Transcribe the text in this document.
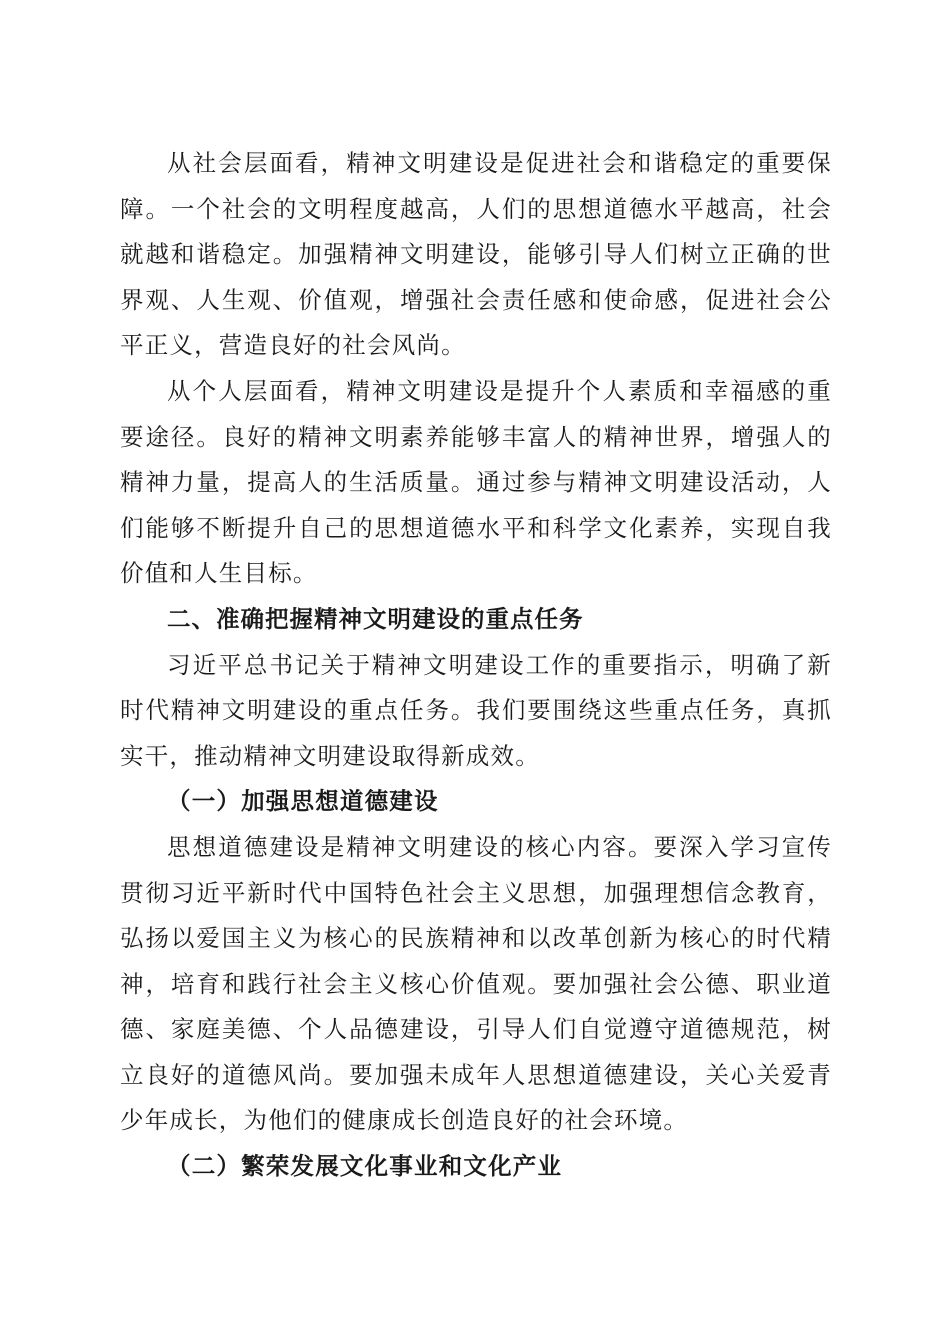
从社会层面看，精神文明建设是促进社会和谐稳定的重要保障。一个社会的文明程度越高，人们的思想道德水平越高，社会就越和谐稳定。加强精神文明建设，能够引导人们树立正确的世界观、人生观、价值观，增强社会责任感和使命感，促进社会公平正义，营造良好的社会风尚。

从个人层面看，精神文明建设是提升个人素质和幸福感的重要途径。良好的精神文明素养能够丰富人的精神世界，增强人的精神力量，提高人的生活质量。通过参与精神文明建设活动，人们能够不断提升自己的思想道德水平和科学文化素养，实现自我价值和人生目标。

二、准确把握精神文明建设的重点任务

习近平总书记关于精神文明建设工作的重要指示，明确了新时代精神文明建设的重点任务。我们要围绕这些重点任务，真抓实干，推动精神文明建设取得新成效。

（一）加强思想道德建设

思想道德建设是精神文明建设的核心内容。要深入学习宣传贯彻习近平新时代中国特色社会主义思想，加强理想信念教育，弘扬以爱国主义为核心的民族精神和以改革创新为核心的时代精神，培育和践行社会主义核心价值观。要加强社会公德、职业道德、家庭美德、个人品德建设，引导人们自觉遵守道德规范，树立良好的道德风尚。要加强未成年人思想道德建设，关心关爱青少年成长，为他们的健康成长创造良好的社会环境。

（二）繁荣发展文化事业和文化产业
